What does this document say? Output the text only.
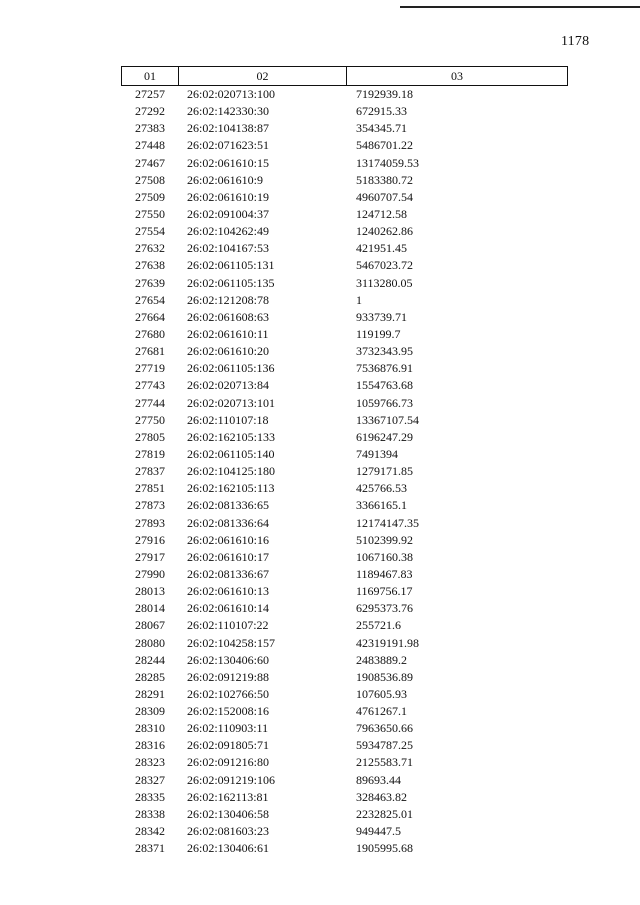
1178
01	02	03
27257	26:02:020713:100	7192939.18
27292	26:02:142330:30	672915.33
27383	26:02:104138:87	354345.71
27448	26:02:071623:51	5486701.22
27467	26:02:061610:15	13174059.53
27508	26:02:061610:9	5183380.72
27509	26:02:061610:19	4960707.54
27550	26:02:091004:37	124712.58
27554	26:02:104262:49	1240262.86
27632	26:02:104167:53	421951.45
27638	26:02:061105:131	5467023.72
27639	26:02:061105:135	3113280.05
27654	26:02:121208:78	1
27664	26:02:061608:63	933739.71
27680	26:02:061610:11	119199.7
27681	26:02:061610:20	3732343.95
27719	26:02:061105:136	7536876.91
27743	26:02:020713:84	1554763.68
27744	26:02:020713:101	1059766.73
27750	26:02:110107:18	13367107.54
27805	26:02:162105:133	6196247.29
27819	26:02:061105:140	7491394
27837	26:02:104125:180	1279171.85
27851	26:02:162105:113	425766.53
27873	26:02:081336:65	3366165.1
27893	26:02:081336:64	12174147.35
27916	26:02:061610:16	5102399.92
27917	26:02:061610:17	1067160.38
27990	26:02:081336:67	1189467.83
28013	26:02:061610:13	1169756.17
28014	26:02:061610:14	6295373.76
28067	26:02:110107:22	255721.6
28080	26:02:104258:157	42319191.98
28244	26:02:130406:60	2483889.2
28285	26:02:091219:88	1908536.89
28291	26:02:102766:50	107605.93
28309	26:02:152008:16	4761267.1
28310	26:02:110903:11	7963650.66
28316	26:02:091805:71	5934787.25
28323	26:02:091216:80	2125583.71
28327	26:02:091219:106	89693.44
28335	26:02:162113:81	328463.82
28338	26:02:130406:58	2232825.01
28342	26:02:081603:23	949447.5
28371	26:02:130406:61	1905995.68
